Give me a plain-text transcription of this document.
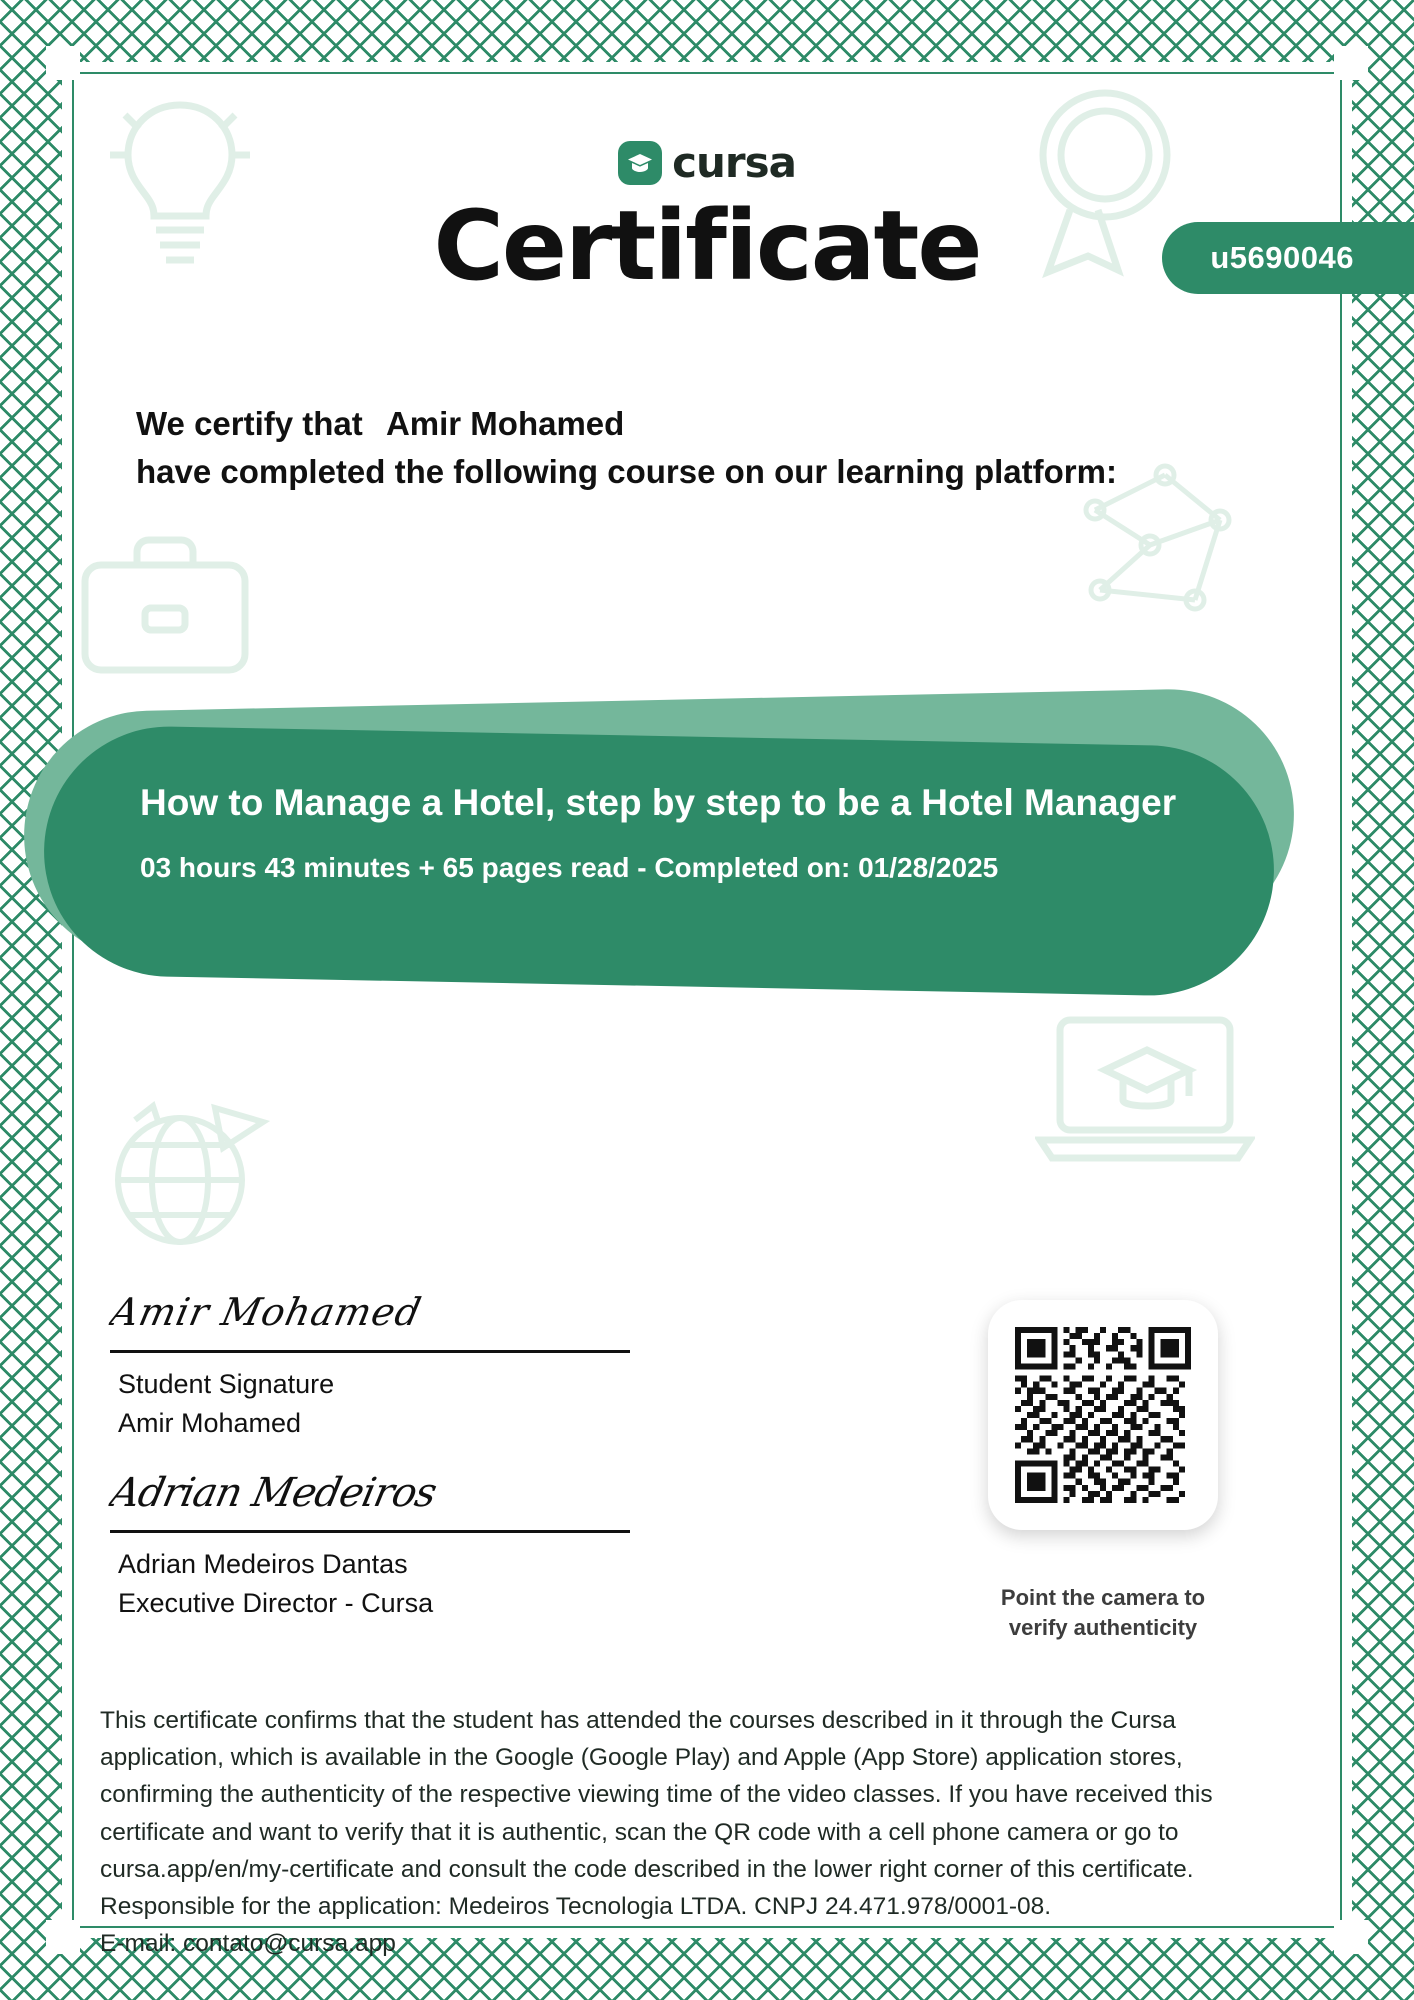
cursa
Certificate	u5690046
We certify that Amir Mohamed
have completed the following course on our learning platform:
How to Manage a Hotel, step by step to be a Hotel Manager
03 hours 43 minutes + 65 pages read - Completed on: 01/28/2025
Amir Mohamed
Student Signature
Amir Mohamed
Adrian Medeiros
Adrian Medeiros Dantas
Executive Director - Cursa	Point the camera to
verify authenticity

This certificate confirms that the student has attended the courses described in it through the Cursa

application, which is available in the Google (Google Play) and Apple (App Store) application stores,

confirming the authenticity of the respective viewing time of the video classes. If you have received this

certificate and want to verify that it is authentic, scan the QR code with a cell phone camera or go to

cursa.app/en/my-certificate and consult the code described in the lower right corner of this certificate.

Responsible for the application: Medeiros Tecnologia LTDA. CNPJ 24.471.978/0001-08.

E-mail: contato@cursa.app
